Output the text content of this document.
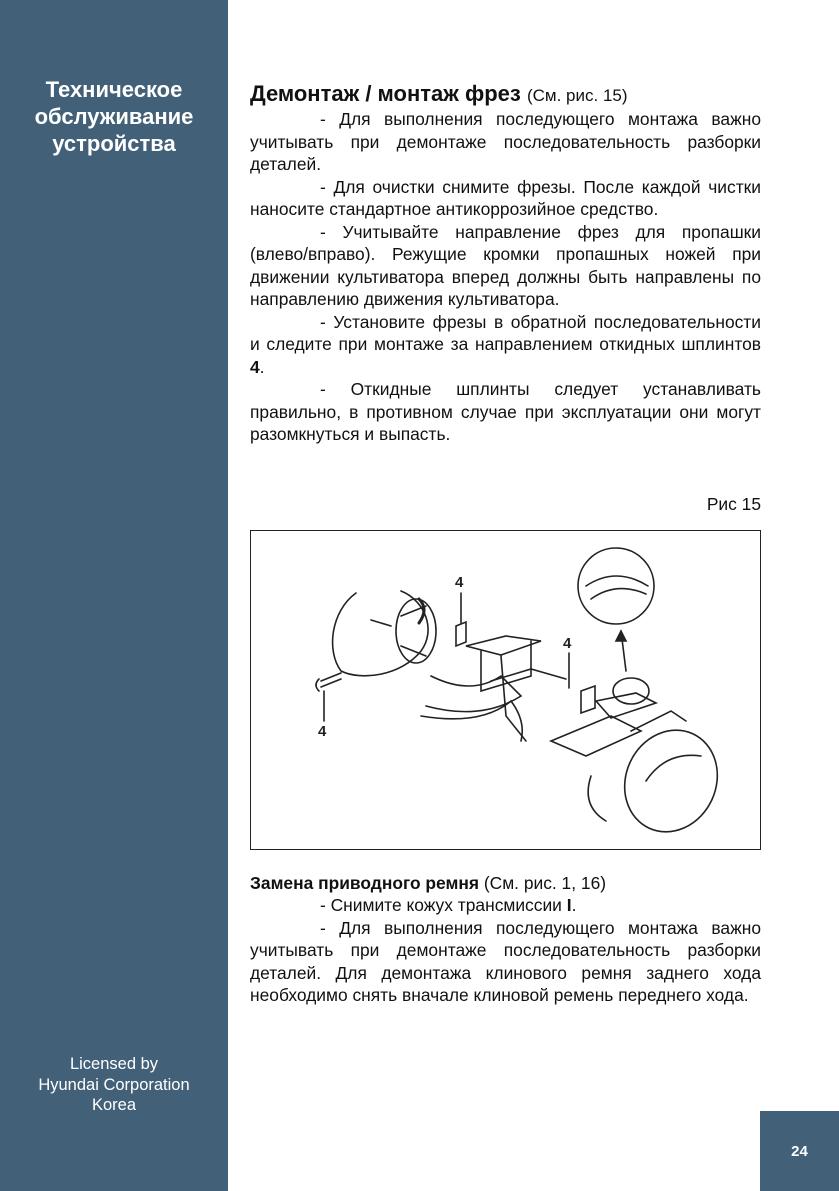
Техническое
обслуживание
устройства
Licensed by
Hyundai Corporation
Korea
24
Демонтаж / монтаж фрез (См. рис. 15)

- Для выполнения последующего монтажа важно учитывать при демонтаже последовательность разборки деталей.

- Для очистки снимите фрезы. После каждой чистки наносите стандартное антикоррозийное средство.

- Учитывайте направление фрез для пропашки (влево/вправо). Режущие кромки пропашных ножей при движении культиватора вперед должны быть направлены по направлению движения культиватора.

- Установите фрезы в обратной последовательности и следите при монтаже за направлением откидных шплинтов 4.

- Откидные шплинты следует устанавливать правильно, в противном случае при эксплуатации они могут разомкнуться и выпасть.

Рис 15
4
4
4
Замена приводного ремня (См. рис. 1, 16)

- Снимите кожух трансмиссии I.

- Для выполнения последующего монтажа важно учитывать при демонтаже последовательность разборки деталей. Для демонтажа клинового ремня заднего хода необходимо снять вначале клиновой ремень переднего хода.
